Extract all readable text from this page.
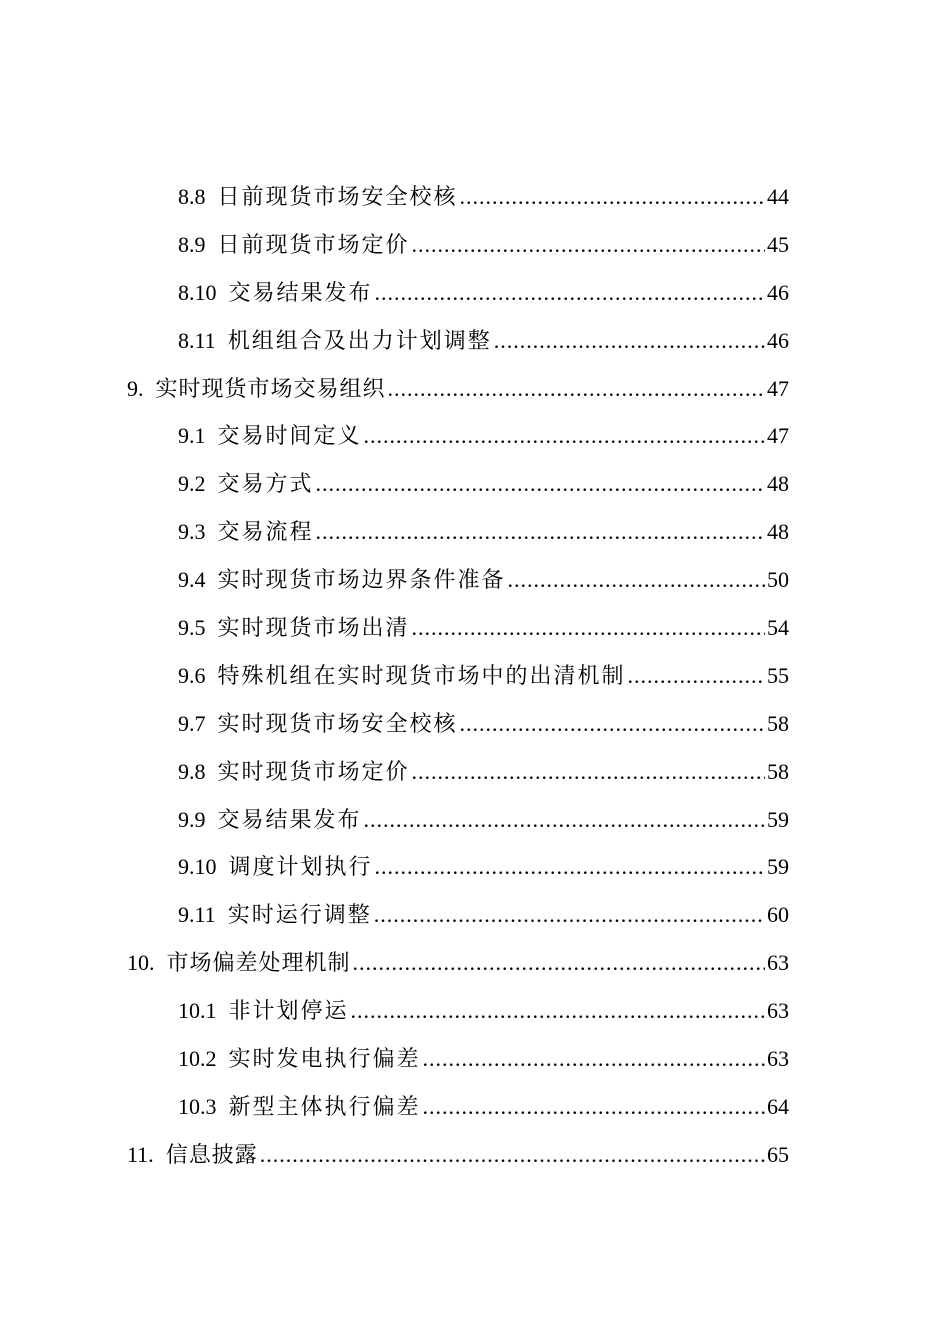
8.8 日前现货市场安全校核 .....	44
8.9 日前现货市场定价 .....	45
8.10 交易结果发布 .....	46
8.11 机组组合及出力计划调整 .....	46
9. 实时现货市场交易组织 .....	47
9.1 交易时间定义 .....	47
9.2 交易方式 .....	48
9.3 交易流程 .....	48
9.4 实时现货市场边界条件准备 .....	50
9.5 实时现货市场出清 .....	54
9.6 特殊机组在实时现货市场中的出清机制 .....	55
9.7 实时现货市场安全校核 .....	58
9.8 实时现货市场定价 .....	58
9.9 交易结果发布 .....	59
9.10 调度计划执行 .....	59
9.11 实时运行调整 .....	60
10. 市场偏差处理机制 .....	63
10.1 非计划停运 .....	63
10.2 实时发电执行偏差 .....	63
10.3 新型主体执行偏差 .....	64
11. 信息披露 .....	65
